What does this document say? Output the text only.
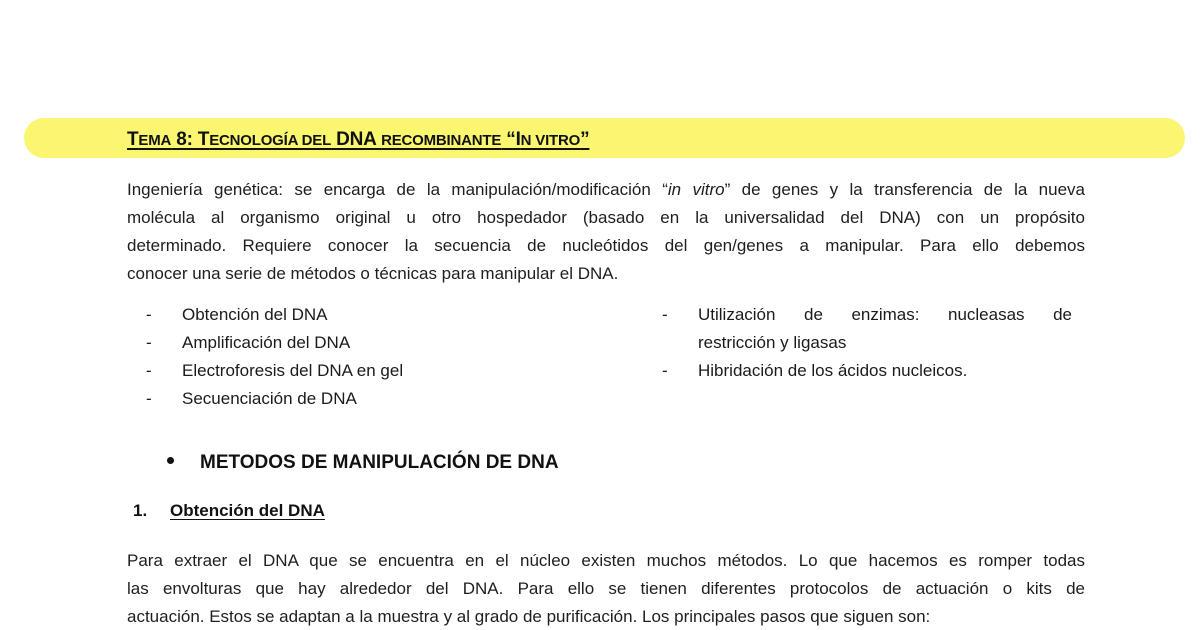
TEMA 8: TECNOLOGÍA DEL DNA RECOMBINANTE “IN VITRO”

Ingeniería genética: se encarga de la manipulación/modificación “in vitro” de genes y la transferencia de la nueva
molécula al organismo original u otro hospedador (basado en la universalidad del DNA) con un propósito
determinado. Requiere conocer la secuencia de nucleótidos del gen/genes a manipular. Para ello debemos
conocer una serie de métodos o técnicas para manipular el DNA.

- Obtención del DNA
- Amplificación del DNA
- Electroforesis del DNA en gel
- Secuenciación de DNA
- Utilización de enzimas: nucleasas de
restricción y ligasas
- Hibridación de los ácidos nucleicos.
METODOS DE MANIPULACIÓN DE DNA
1. Obtención del DNA

Para extraer el DNA que se encuentra en el núcleo existen muchos métodos. Lo que hacemos es romper todas
las envolturas que hay alrededor del DNA. Para ello se tienen diferentes protocolos de actuación o kits de
actuación. Estos se adaptan a la muestra y al grado de purificación. Los principales pasos que siguen son:
